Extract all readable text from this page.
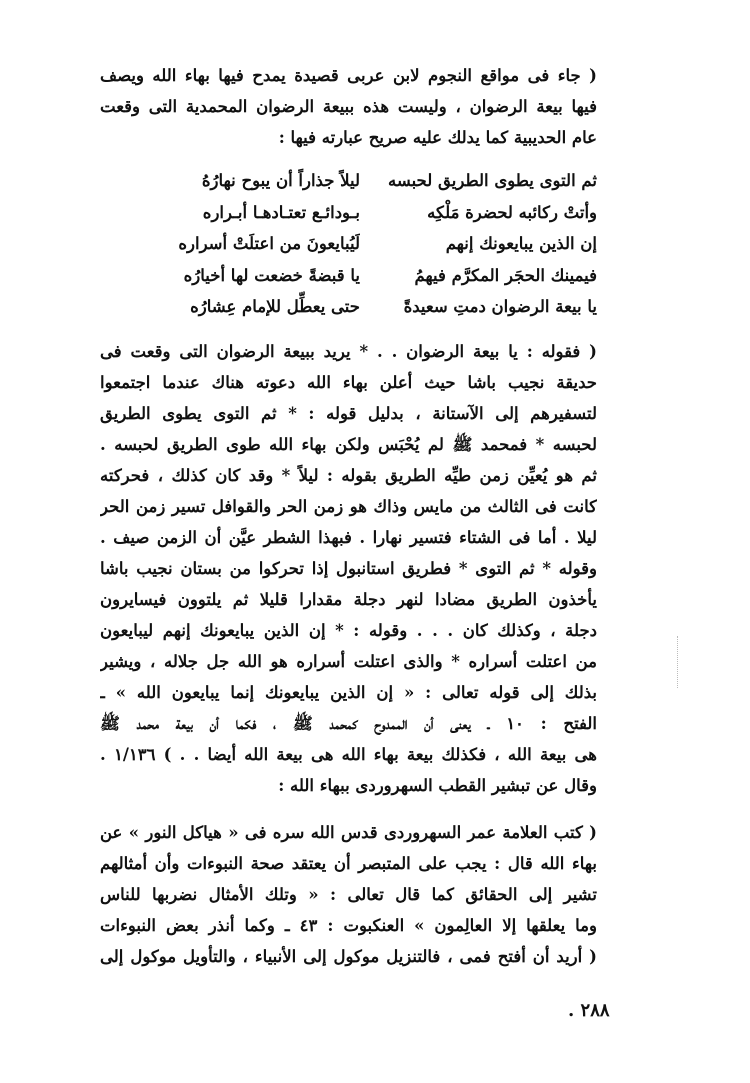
( جاء فى مواقع النجوم لابن عربى قصيدة يمدح فيها بهاء الله ويصف
فيها بيعة الرضوان ، وليست هذه ببيعة الرضوان المحمدية التى وقعت
عام الحديبية كما يدلك عليه صريح عبارته فيها :
ثم التوى يطوى الطريق لحبسه
ليلاً جذاراً أن يبوح نهارُهُ
وأتتْ ركائبه لحضرة مَلْكِه
بـودائـع تعتـادهـا أبـراره
إن الذين يبايعونك إنهم
لَيُبايعونَ من اعتلَتْ أسراره
فيمينك الحجَر المكرَّم فيهمُ
يا قبضةً خضعت لها أخيارُه
يا بيعة الرضوان دمتِ سعيدةً
حتى يعطِّل للإمام عِشارُه
( فقوله : يا بيعة الرضوان . . * يريد ببيعة الرضوان التى وقعت فى
حديقة نجيب باشا حيث أعلن بهاء الله دعوته هناك عندما اجتمعوا
لتسفيرهم إلى الآستانة ، بدليل قوله : * ثم التوى يطوى الطريق
لحبسه * فمحمد ﷺ لم يُحْبَس ولكن بهاء الله طوى الطريق لحبسه .
ثم هو يُعيِّن زمن طيِّه الطريق بقوله : ليلاً * وقد كان كذلك ، فحركته
كانت فى الثالث من مايس وذاك هو زمن الحر والقوافل تسير زمن الحر
ليلا . أما فى الشتاء فتسير نهارا . فبهذا الشطر عيَّن أن الزمن صيف .
وقوله * ثم التوى * فطريق استانبول إذا تحركوا من بستان نجيب باشا
يأخذون الطريق مضادا لنهر دجلة مقدارا قليلا ثم يلتوون فيسايرون
دجلة ، وكذلك كان . . . وقوله : * إن الذين يبايعونك إنهم ليبايعون
من اعتلت أسراره * والذى اعتلت أسراره هو الله جل جلاله ، ويشير
بذلك إلى قوله تعالى : « إن الذين يبايعونك إنما يبايعون الله » ـ
الفتح : ١٠ ـ يعنى أن الممدوح كمحمد ﷺ ، فكما أن بيعة محمد ﷺ
هى بيعة الله ، فكذلك بيعة بهاء الله هى بيعة الله أيضا . . ) ١/١٣٦ .
وقال عن تبشير القطب السهروردى ببهاء الله :
( كتب العلامة عمر السهروردى قدس الله سره فى « هياكل النور » عن
بهاء الله قال : يجب على المتبصر أن يعتقد صحة النبوءات وأن أمثالهم
تشير إلى الحقائق كما قال تعالى : « وتلك الأمثال نضربها للناس
وما يعلقها إلا العالِمون » العنكبوت : ٤٣ ـ وكما أنذر بعض النبوءات
( أريد أن أفتح فمى ، فالتنزيل موكول إلى الأنبياء ، والتأويل موكول إلى
٢٨٨ .
